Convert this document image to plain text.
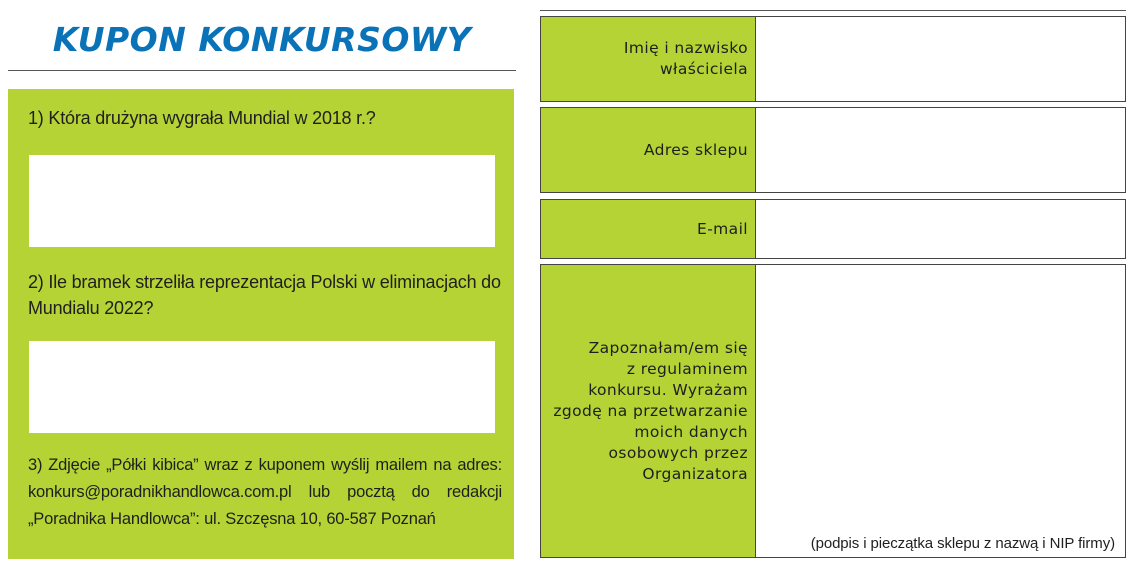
KUPON KONKURSOWY
1) Która drużyna wygrała Mundial w 2018 r.?
2) Ile bramek strzeliła reprezentacja Polski w eliminacjach do Mundialu 2022?
3) Zdjęcie „Półki kibica” wraz z kuponem wyślij mailem na adres: konkurs@poradnikhandlowca.com.pl lub pocztą do redakcji „Poradnika Handlowca”: ul. Szczęsna 10, 60-587 Poznań
Imię i nazwisko
właściciela
Adres sklepu
E-mail
Zapoznałam/em się
z regulaminem
konkursu. Wyrażam
zgodę na przetwarzanie
moich danych
osobowych przez
Organizatora
(podpis i pieczątka sklepu z nazwą i NIP firmy)
